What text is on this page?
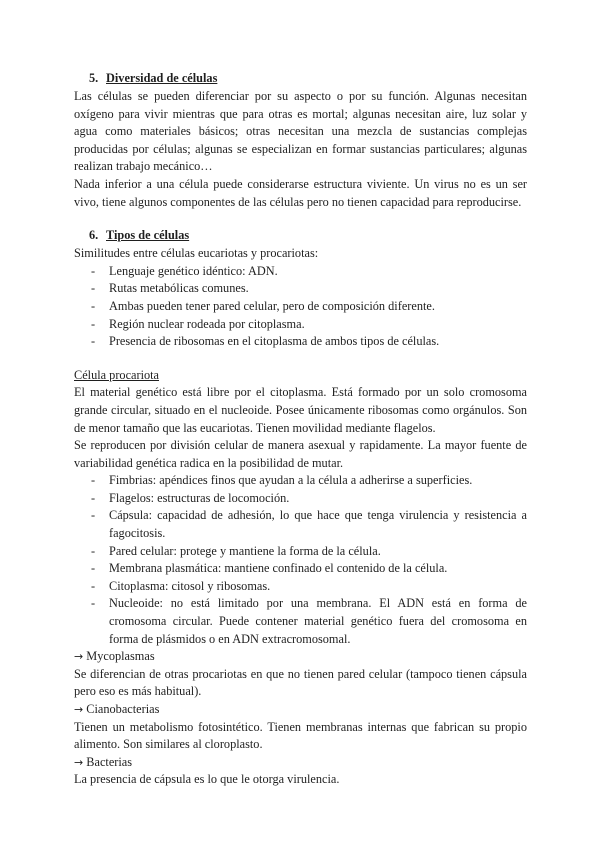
5. Diversidad de células

Las células se pueden diferenciar por su aspecto o por su función. Algunas necesitan oxígeno para vivir mientras que para otras es mortal; algunas necesitan aire, luz solar y agua como materiales básicos; otras necesitan una mezcla de sustancias complejas producidas por células; algunas se especializan en formar sustancias particulares; algunas realizan trabajo mecánico…

Nada inferior a una célula puede considerarse estructura viviente. Un virus no es un ser vivo, tiene algunos componentes de las células pero no tienen capacidad para reproducirse.

6. Tipos de células

Similitudes entre células eucariotas y procariotas:

- Lenguaje genético idéntico: ADN.
- Rutas metabólicas comunes.
- Ambas pueden tener pared celular, pero de composición diferente.
- Región nuclear rodeada por citoplasma.
- Presencia de ribosomas en el citoplasma de ambos tipos de células.

Célula procariota

El material genético está libre por el citoplasma. Está formado por un solo cromosoma grande circular, situado en el nucleoide. Posee únicamente ribosomas como orgánulos. Son de menor tamaño que las eucariotas. Tienen movilidad mediante flagelos.

Se reproducen por división celular de manera asexual y rapidamente. La mayor fuente de variabilidad genética radica en la posibilidad de mutar.

- Fimbrias: apéndices finos que ayudan a la célula a adherirse a superficies.
- Flagelos: estructuras de locomoción.
- Cápsula: capacidad de adhesión, lo que hace que tenga virulencia y resistencia a fagocitosis.
- Pared celular: protege y mantiene la forma de la célula.
- Membrana plasmática: mantiene confinado el contenido de la célula.
- Citoplasma: citosol y ribosomas.
- Nucleoide: no está limitado por una membrana. El ADN está en forma de cromosoma circular. Puede contener material genético fuera del cromosoma en forma de plásmidos o en ADN extracromosomal.

→ Mycoplasmas

Se diferencian de otras procariotas en que no tienen pared celular (tampoco tienen cápsula pero eso es más habitual).

→ Cianobacterias

Tienen un metabolismo fotosintético. Tienen membranas internas que fabrican su propio alimento. Son similares al cloroplasto.

→ Bacterias

La presencia de cápsula es lo que le otorga virulencia.
